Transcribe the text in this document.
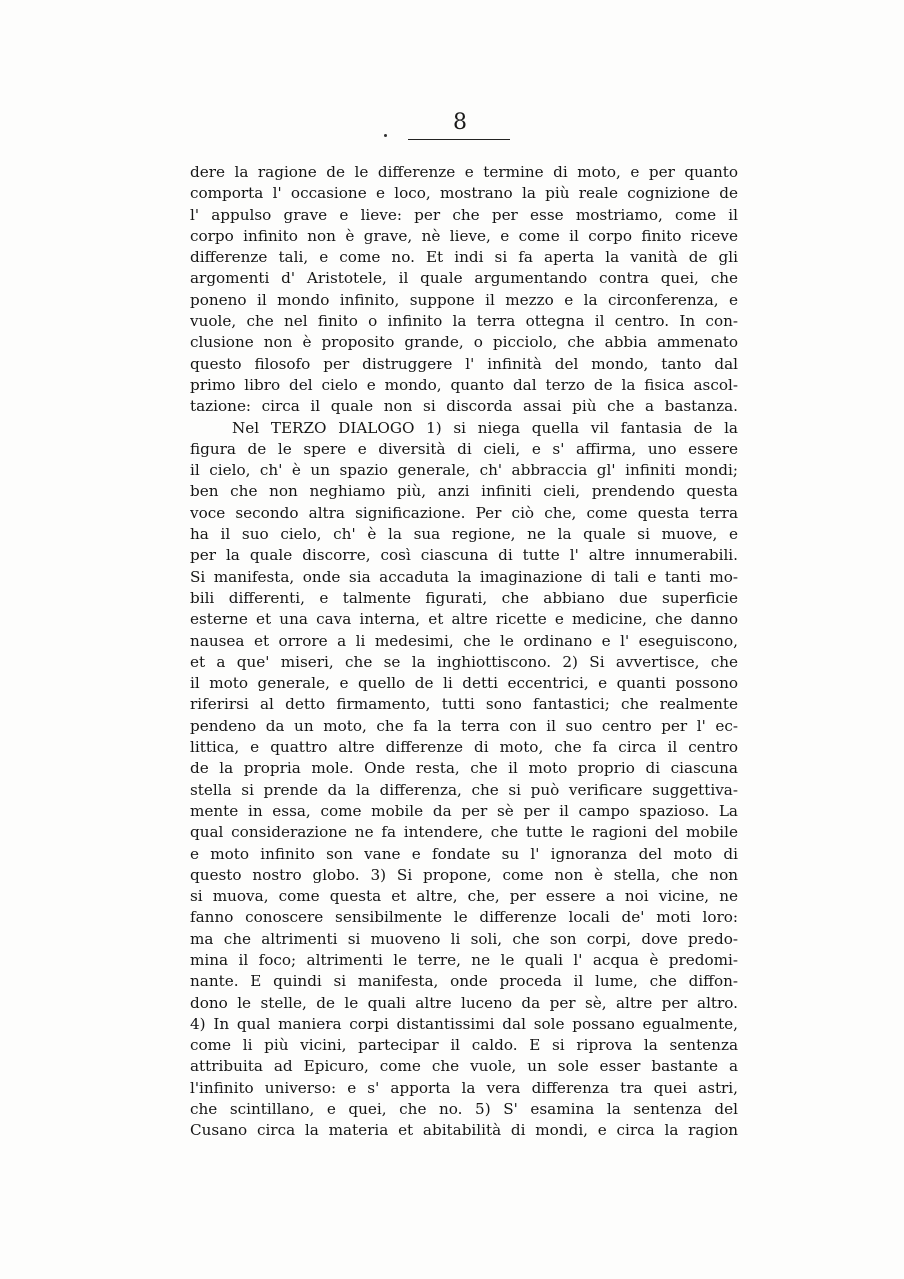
8
dere la ragione de le differenze e termine di moto, e per quanto
comporta l' occasione e loco, mostrano la più reale cognizione de
l' appulso grave e lieve: per che per esse mostriamo, come il
corpo infinito non è grave, nè lieve, e come il corpo finito riceve
differenze tali, e come no. Et indi si fa aperta la vanità de gli
argomenti d' Aristotele, il quale argumentando contra quei, che
poneno il mondo infinito, suppone il mezzo e la circonferenza, e
vuole, che nel finito o infinito la terra ottegna il centro. In con-
clusione non è proposito grande, o picciolo, che abbia ammenato
questo filosofo per distruggere l' infinità del mondo, tanto dal
primo libro del cielo e mondo, quanto dal terzo de la fisica ascol-
tazione: circa il quale non si discorda assai più che a bastanza.
Nel TERZO DIALOGO 1) si niega quella vil fantasia de la
figura de le spere e diversità di cieli, e s' affirma, uno essere
il cielo, ch' è un spazio generale, ch' abbraccia gl' infiniti mondi;
ben che non neghiamo più, anzi infiniti cieli, prendendo questa
voce secondo altra significazione. Per ciò che, come questa terra
ha il suo cielo, ch' è la sua regione, ne la quale si muove, e
per la quale discorre, così ciascuna di tutte l' altre innumerabili.
Si manifesta, onde sia accaduta la imaginazione di tali e tanti mo-
bili differenti, e talmente figurati, che abbiano due superficie
esterne et una cava interna, et altre ricette e medicine, che danno
nausea et orrore a li medesimi, che le ordinano e l' eseguiscono,
et a que' miseri, che se la inghiottiscono. 2) Si avvertisce, che
il moto generale, e quello de li detti eccentrici, e quanti possono
riferirsi al detto firmamento, tutti sono fantastici; che realmente
pendeno da un moto, che fa la terra con il suo centro per l' ec-
littica, e quattro altre differenze di moto, che fa circa il centro
de la propria mole. Onde resta, che il moto proprio di ciascuna
stella si prende da la differenza, che si può verificare suggettiva-
mente in essa, come mobile da per sè per il campo spazioso. La
qual considerazione ne fa intendere, che tutte le ragioni del mobile
e moto infinito son vane e fondate su l' ignoranza del moto di
questo nostro globo. 3) Si propone, come non è stella, che non
si muova, come questa et altre, che, per essere a noi vicine, ne
fanno conoscere sensibilmente le differenze locali de' moti loro:
ma che altrimenti si muoveno li soli, che son corpi, dove predo-
mina il foco; altrimenti le terre, ne le quali l' acqua è predomi-
nante. E quindi si manifesta, onde proceda il lume, che diffon-
dono le stelle, de le quali altre luceno da per sè, altre per altro.
4) In qual maniera corpi distantissimi dal sole possano egualmente,
come li più vicini, partecipar il caldo. E si riprova la sentenza
attribuita ad Epicuro, come che vuole, un sole esser bastante a
l'infinito universo: e s' apporta la vera differenza tra quei astri,
che scintillano, e quei, che no. 5) S' esamina la sentenza del
Cusano circa la materia et abitabilità di mondi, e circa la ragion
